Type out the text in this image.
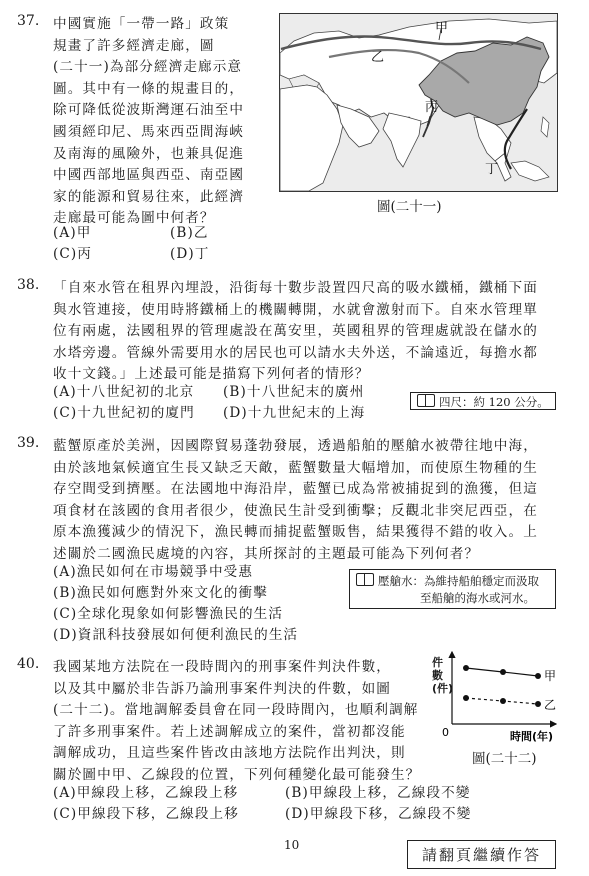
37. 中國實施「一帶一路」政策
規畫了許多經濟走廊，圖
(二十一)為部分經濟走廊示意
圖。其中有一條的規畫目的，
除可降低從波斯灣運石油至中
國須經印尼、馬來西亞間海峽
及南海的風險外，也兼具促進
中國西部地區與西亞、南亞國
家的能源和貿易往來，此經濟
走廊最可能為圖中何者？
(A)甲	(B)乙
(C)丙	(D)丁
甲
乙
丙
丁
圖(二十一)
38. 「自來水管在租界內埋設，沿街每十數步設置四尺高的吸水鐵桶，鐵桶下面
與水管連接，使用時將鐵桶上的機關轉開，水就會激射而下。自來水管理單
位有兩處，法國租界的管理處設在萬安里，英國租界的管理處就設在儲水的
水塔旁邊。管線外需要用水的居民也可以請水夫外送，不論遠近，每擔水都
收十文錢。」上述最可能是描寫下列何者的情形？
(A)十八世紀初的北京 (B)十八世紀末的廣州
(C)十九世紀初的廈門 (D)十九世紀末的上海
四尺：約 120 公分。
39. 藍蟹原產於美洲，因國際貿易蓬勃發展，透過船舶的壓艙水被帶往地中海，
由於該地氣候適宜生長又缺乏天敵，藍蟹數量大幅增加，而使原生物種的生
存空間受到擠壓。在法國地中海沿岸，藍蟹已成為常被捕捉到的漁獲，但這
項食材在該國的食用者很少，使漁民生計受到衝擊；反觀北非突尼西亞，在
原本漁獲減少的情況下，漁民轉而捕捉藍蟹販售，結果獲得不錯的收入。上
述關於二國漁民處境的內容，其所探討的主題最可能為下列何者？
(A)漁民如何在市場競爭中受惠
(B)漁民如何應對外來文化的衝擊
(C)全球化現象如何影響漁民的生活
(D)資訊科技發展如何便利漁民的生活
壓艙水：為維持船舶穩定而汲取
至船艙的海水或河水。
40. 我國某地方法院在一段時間內的刑事案件判決件數，
以及其中屬於非告訴乃論刑事案件判決的件數，如圖
(二十二)。當地調解委員會在同一段時間內，也順利調解
了許多刑事案件。若上述調解成立的案件，當初都沒能
調解成功，且這些案件皆改由該地方法院作出判決，則
關於圖中甲、乙線段的位置，下列何種變化最可能發生？
(A)甲線段上移，乙線段上移	(B)甲線段上移，乙線段不變
(C)甲線段下移，乙線段上移	(D)甲線段下移，乙線段不變
甲
乙
0	時間(年)
件數(件)
圖(二十二)
10
請翻頁繼續作答
